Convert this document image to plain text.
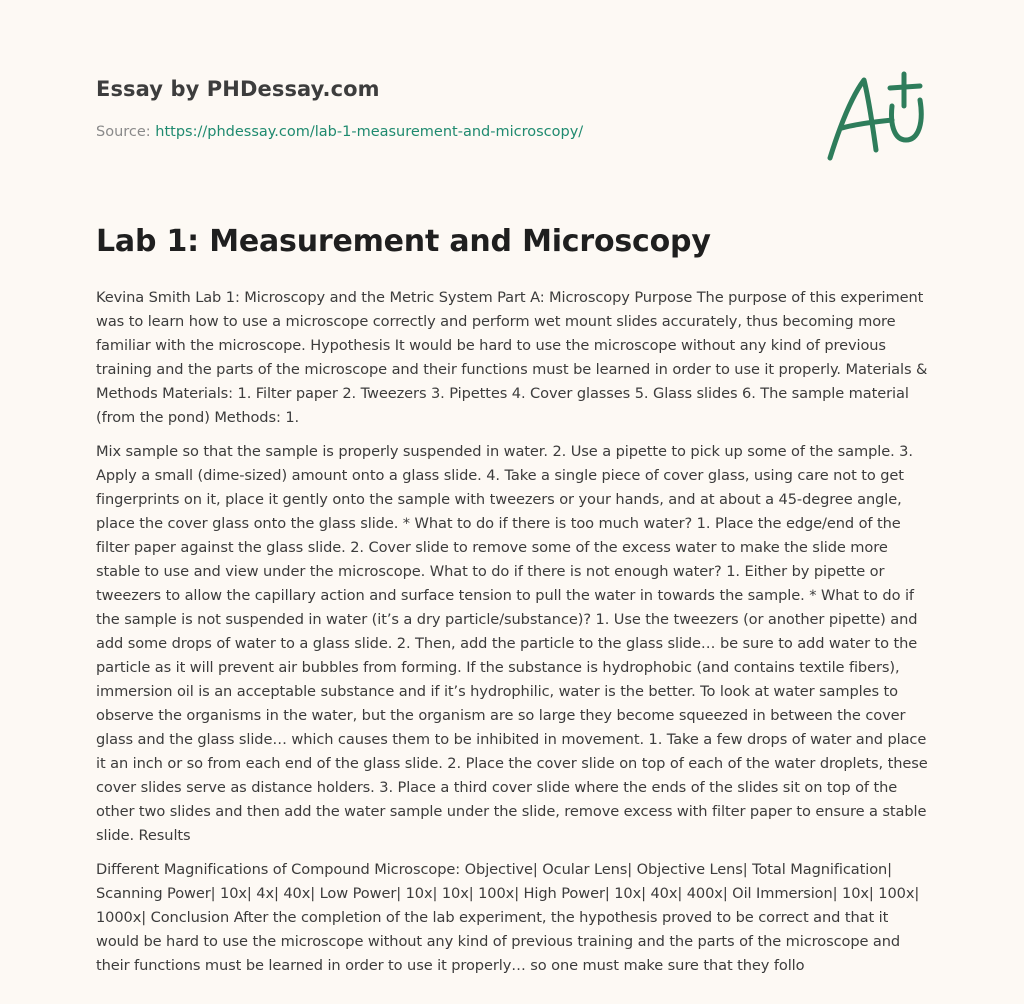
Essay by PHDessay.com
Source: https://phdessay.com/lab-1-measurement-and-microscopy/
Lab 1: Measurement and Microscopy

Kevina Smith Lab 1: Microscopy and the Metric System Part A: Microscopy Purpose The purpose of this experiment was to learn how to use a microscope correctly and perform wet mount slides accurately, thus becoming more familiar with the microscope. Hypothesis It would be hard to use the microscope without any kind of previous training and the parts of the microscope and their functions must be learned in order to use it properly. Materials & Methods Materials: 1. Filter paper 2. Tweezers 3. Pipettes 4. Cover glasses 5. Glass slides 6. The sample material (from the pond) Methods: 1.

Mix sample so that the sample is properly suspended in water. 2. Use a pipette to pick up some of the sample. 3. Apply a small (dime-sized) amount onto a glass slide. 4. Take a single piece of cover glass, using care not to get fingerprints on it, place it gently onto the sample with tweezers or your hands, and at about a 45-degree angle, place the cover glass onto the glass slide. * What to do if there is too much water? 1. Place the edge/end of the filter paper against the glass slide. 2. Cover slide to remove some of the excess water to make the slide more stable to use and view under the microscope. What to do if there is not enough water? 1. Either by pipette or tweezers to allow the capillary action and surface tension to pull the water in towards the sample. * What to do if the sample is not suspended in water (it’s a dry particle/substance)? 1. Use the tweezers (or another pipette) and add some drops of water to a glass slide. 2. Then, add the particle to the glass slide… be sure to add water to the particle as it will prevent air bubbles from forming. If the substance is hydrophobic (and contains textile fibers), immersion oil is an acceptable substance and if it’s hydrophilic, water is the better. To look at water samples to observe the organisms in the water, but the organism are so large they become squeezed in between the cover glass and the glass slide… which causes them to be inhibited in movement. 1. Take a few drops of water and place it an inch or so from each end of the glass slide. 2. Place the cover slide on top of each of the water droplets, these cover slides serve as distance holders. 3. Place a third cover slide where the ends of the slides sit on top of the other two slides and then add the water sample under the slide, remove excess with filter paper to ensure a stable slide. Results

Different Magnifications of Compound Microscope: Objective| Ocular Lens| Objective Lens| Total Magnification| Scanning Power| 10x| 4x| 40x| Low Power| 10x| 10x| 100x| High Power| 10x| 40x| 400x| Oil Immersion| 10x| 100x| 1000x| Conclusion After the completion of the lab experiment, the hypothesis proved to be correct and that it would be hard to use the microscope without any kind of previous training and the parts of the microscope and their functions must be learned in order to use it properly… so one must make sure that they follo
